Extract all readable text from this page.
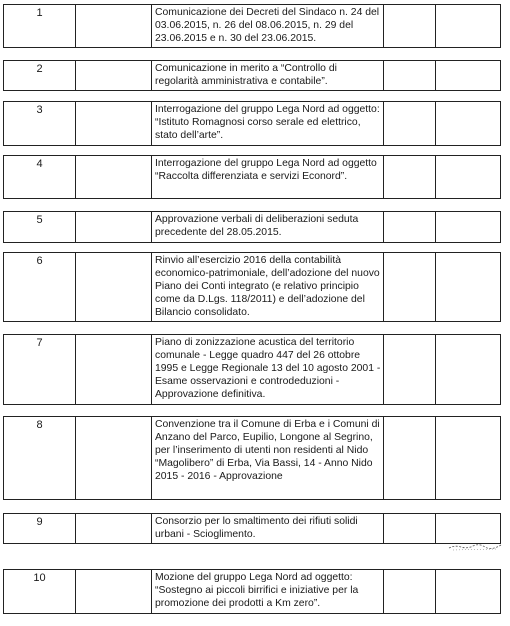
1	Comunicazione dei Decreti del Sindaco n. 24 del 03.06.2015, n. 26 del 08.06.2015, n. 29 del 23.06.2015 e n. 30 del 23.06.2015.
2	Comunicazione in merito a “Controllo di regolarità amministrativa e contabile”.
3	Interrogazione del gruppo Lega Nord ad oggetto: “Istituto Romagnosi corso serale ed elettrico, stato dell’arte”.
4	Interrogazione del gruppo Lega Nord ad oggetto “Raccolta differenziata e servizi Econord”.
5	Approvazione verbali di deliberazioni seduta precedente del 28.05.2015.
6	Rinvio all’esercizio 2016 della contabilità economico-patrimoniale, dell’adozione del nuovo Piano dei Conti integrato (e relativo principio come da D.Lgs. 118/2011) e dell’adozione del Bilancio consolidato.
7	Piano di zonizzazione acustica del territorio comunale - Legge quadro 447 del 26 ottobre 1995 e Legge Regionale 13 del 10 agosto 2001 - Esame osservazioni e controdeduzioni - Approvazione definitiva.
8	Convenzione tra il Comune di Erba e i Comuni di Anzano del Parco, Eupilio, Longone al Segrino, per l’inserimento di utenti non residenti al Nido “Magolibero” di Erba, Via Bassi, 14 - Anno Nido 2015 - 2016 - Approvazione
9	Consorzio per lo smaltimento dei rifiuti solidi urbani - Scioglimento.
10	Mozione del gruppo Lega Nord ad oggetto: “Sostegno ai piccoli birrifici e iniziative per la promozione dei prodotti a Km zero”.
